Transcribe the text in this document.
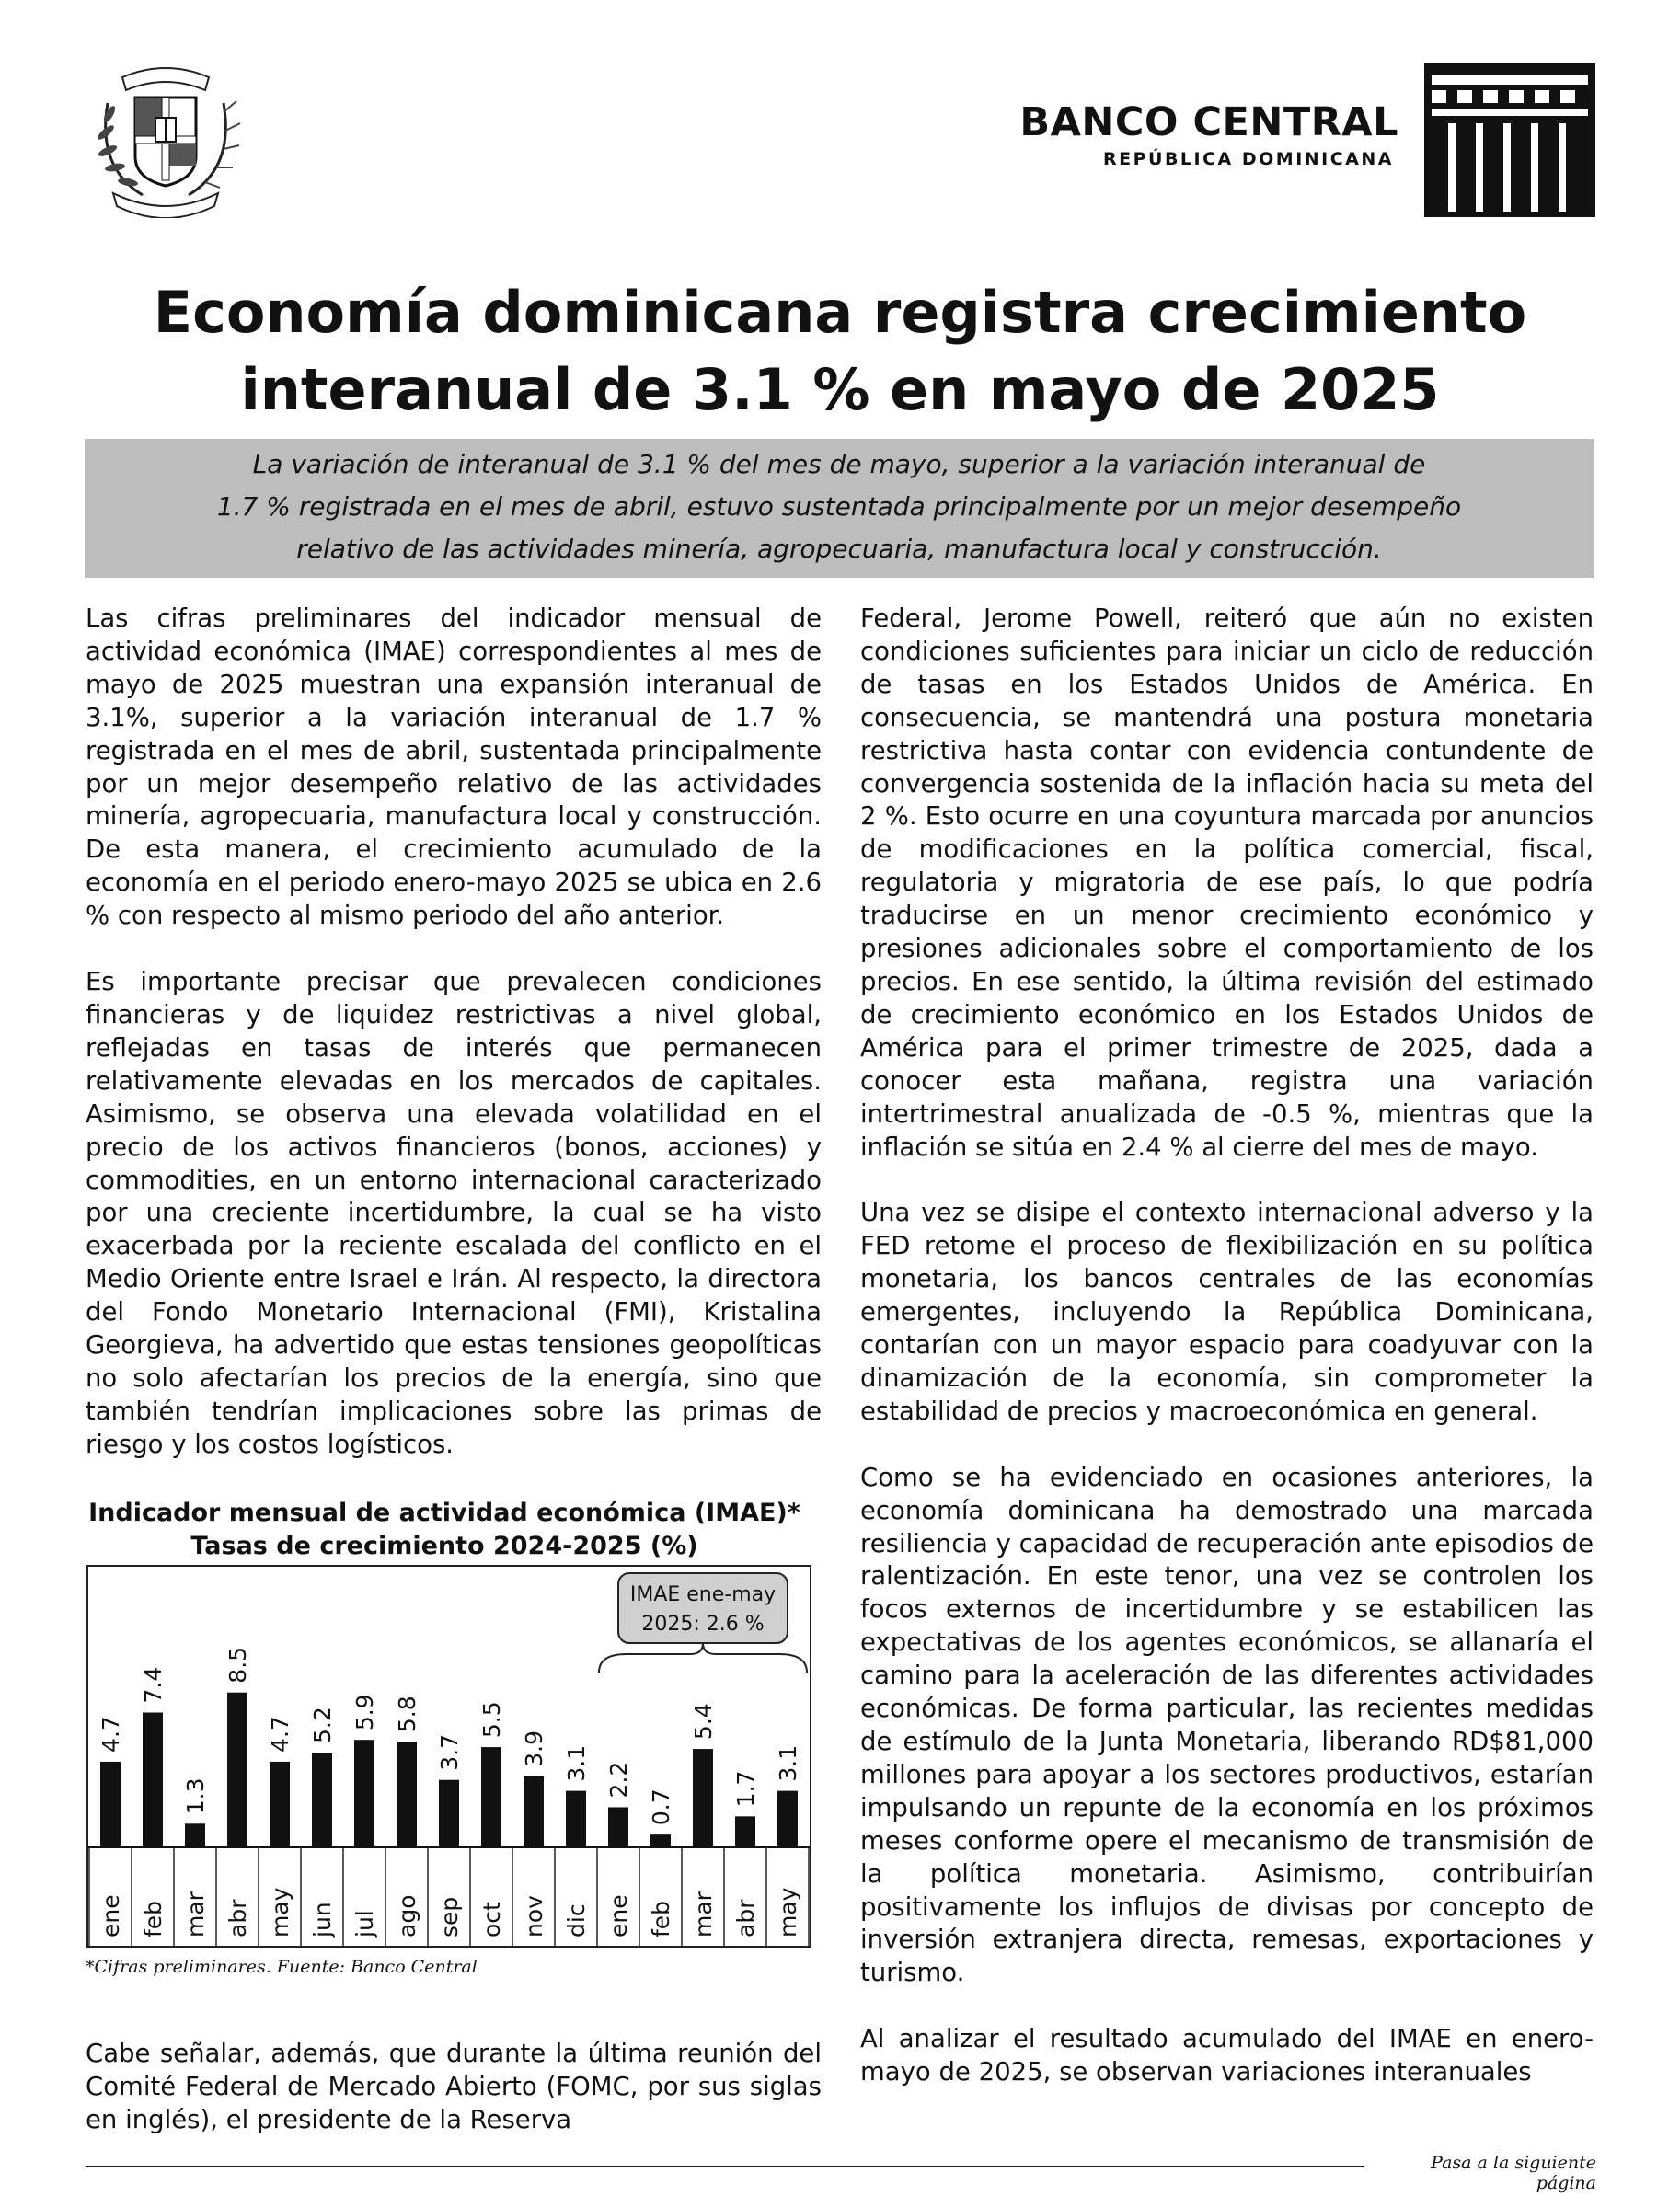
BANCO CENTRAL
REPÚBLICA DOMINICANA
Economía dominicana registra crecimiento
interanual de 3.1 % en mayo de 2025
La variación de interanual de 3.1 % del mes de mayo, superior a la variación interanual de
1.7 % registrada en el mes de abril, estuvo sustentada principalmente por un mejor desempeño
relativo de las actividades minería, agropecuaria, manufactura local y construcción.

Las cifras preliminares del indicador mensual de actividad económica (IMAE) correspondientes al mes de mayo de 2025 muestran una expansión interanual de 3.1%, superior a la variación interanual de 1.7 % registrada en el mes de abril, sustentada principalmente por un mejor desempeño relativo de las actividades minería, agropecuaria, manufactura local y construcción. De esta manera, el crecimiento acumulado de la economía en el periodo enero-mayo 2025 se ubica en 2.6 % con respecto al mismo periodo del año anterior.

Es importante precisar que prevalecen condiciones financieras y de liquidez restrictivas a nivel global, reflejadas en tasas de interés que permanecen relativamente elevadas en los mercados de capitales. Asimismo, se observa una elevada volatilidad en el precio de los activos financieros (bonos, acciones) y commodities, en un entorno internacional caracterizado por una creciente incertidumbre, la cual se ha visto exacerbada por la reciente escalada del conflicto en el Medio Oriente entre Israel e Irán. Al respecto, la directora del Fondo Monetario Internacional (FMI), Kristalina Georgieva, ha advertido que estas tensiones geopolíticas no solo afectarían los precios de la energía, sino que también tendrían implicaciones sobre las primas de riesgo y los costos logísticos.

Indicador mensual de actividad económica (IMAE)*
Tasas de crecimiento 2024-2025 (%)
4.7
ene
7.4
feb
1.3
mar
8.5
abr
4.7
may
5.2
jun
5.9
jul
5.8
ago
3.7
sep
5.5
oct
3.9
nov
3.1
dic
2.2
ene
0.7
feb
5.4
mar
1.7
abr
3.1
may
IMAE ene-may
2025: 2.6 %
*Cifras preliminares. Fuente: Banco Central

Cabe señalar, además, que durante la última reunión del Comité Federal de Mercado Abierto (FOMC, por sus siglas en inglés), el presidente de la Reserva

Federal, Jerome Powell, reiteró que aún no existen condiciones suficientes para iniciar un ciclo de reducción de tasas en los Estados Unidos de América. En consecuencia, se mantendrá una postura monetaria restrictiva hasta contar con evidencia contundente de convergencia sostenida de la inflación hacia su meta del 2 %. Esto ocurre en una coyuntura marcada por anuncios de modificaciones en la política comercial, fiscal, regulatoria y migratoria de ese país, lo que podría traducirse en un menor crecimiento económico y presiones adicionales sobre el comportamiento de los precios. En ese sentido, la última revisión del estimado de crecimiento económico en los Estados Unidos de América para el primer trimestre de 2025, dada a conocer esta mañana, registra una variación intertrimestral anualizada de -0.5 %, mientras que la inflación se sitúa en 2.4 % al cierre del mes de mayo.

Una vez se disipe el contexto internacional adverso y la FED retome el proceso de flexibilización en su política monetaria, los bancos centrales de las economías emergentes, incluyendo la República Dominicana, contarían con un mayor espacio para coadyuvar con la dinamización de la economía, sin comprometer la estabilidad de precios y macroeconómica en general.

Como se ha evidenciado en ocasiones anteriores, la economía dominicana ha demostrado una marcada resiliencia y capacidad de recuperación ante episodios de ralentización. En este tenor, una vez se controlen los focos externos de incertidumbre y se estabilicen las expectativas de los agentes económicos, se allanaría el camino para la aceleración de las diferentes actividades económicas. De forma particular, las recientes medidas de estímulo de la Junta Monetaria, liberando RD$81,000 millones para apoyar a los sectores productivos, estarían impulsando un repunte de la economía en los próximos meses conforme opere el mecanismo de transmisión de la política monetaria. Asimismo, contribuirían positivamente los influjos de divisas por concepto de inversión extranjera directa, remesas, exportaciones y turismo.

Al analizar el resultado acumulado del IMAE en enero-mayo de 2025, se observan variaciones interanuales

Pasa a la siguiente página
